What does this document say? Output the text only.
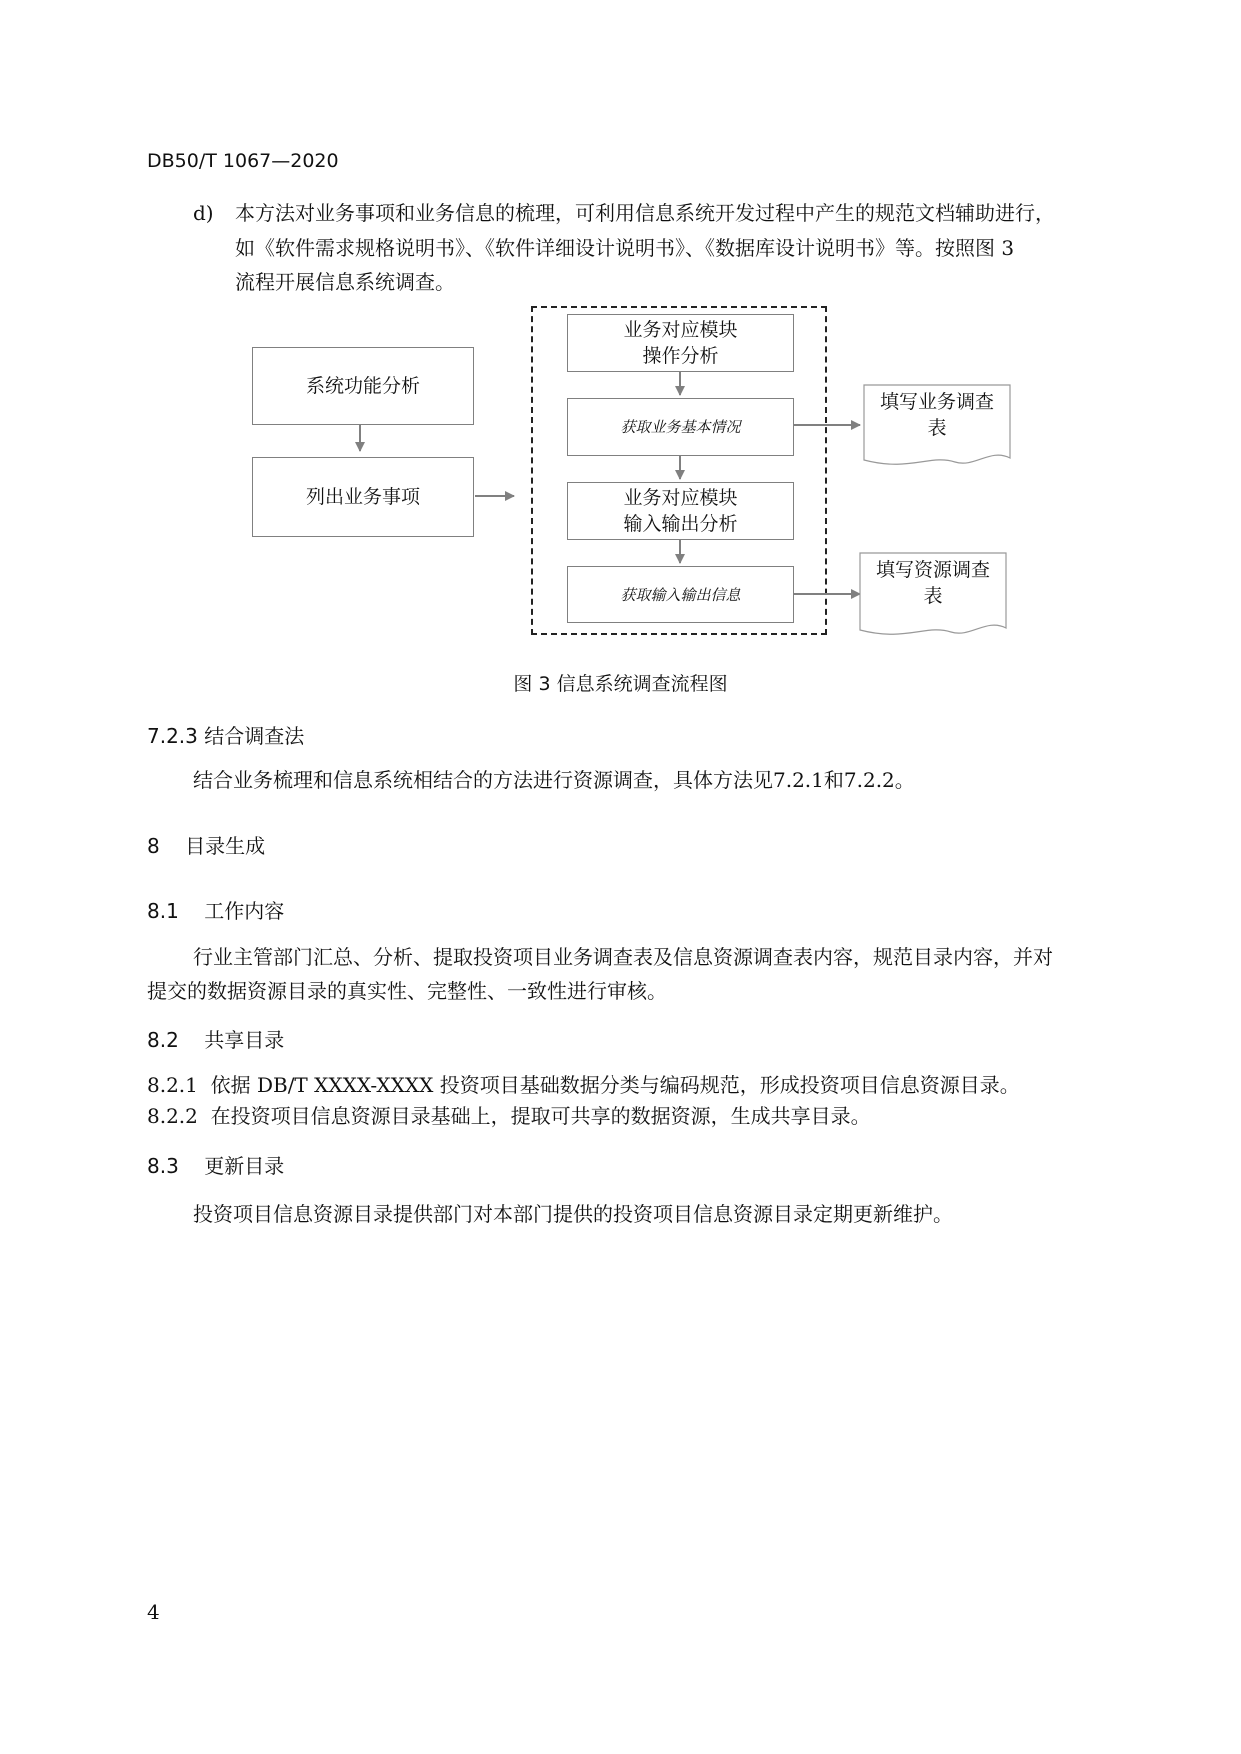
DB50/T 1067—2020
d) 本方法对业务事项和业务信息的梳理，可利用信息系统开发过程中产生的规范文档辅助进行，
如《软件需求规格说明书》、《软件详细设计说明书》、《数据库设计说明书》等。按照图 3
流程开展信息系统调查。
系统功能分析
列出业务事项
业务对应模块
操作分析
获取业务基本情况
业务对应模块
输入输出分析
获取输入输出信息
填写业务调查
表
填写资源调查
表
图 3 信息系统调查流程图
7.2.3 结合调查法
结合业务梳理和信息系统相结合的方法进行资源调查，具体方法见7.2.1和7.2.2。
8    目录生成
8.1    工作内容
行业主管部门汇总、分析、提取投资项目业务调查表及信息资源调查表内容，规范目录内容，并对
提交的数据资源目录的真实性、完整性、一致性进行审核。
8.2    共享目录
8.2.1  依据 DB/T XXXX-XXXX 投资项目基础数据分类与编码规范，形成投资项目信息资源目录。
8.2.2  在投资项目信息资源目录基础上，提取可共享的数据资源，生成共享目录。
8.3    更新目录
投资项目信息资源目录提供部门对本部门提供的投资项目信息资源目录定期更新维护。
4
